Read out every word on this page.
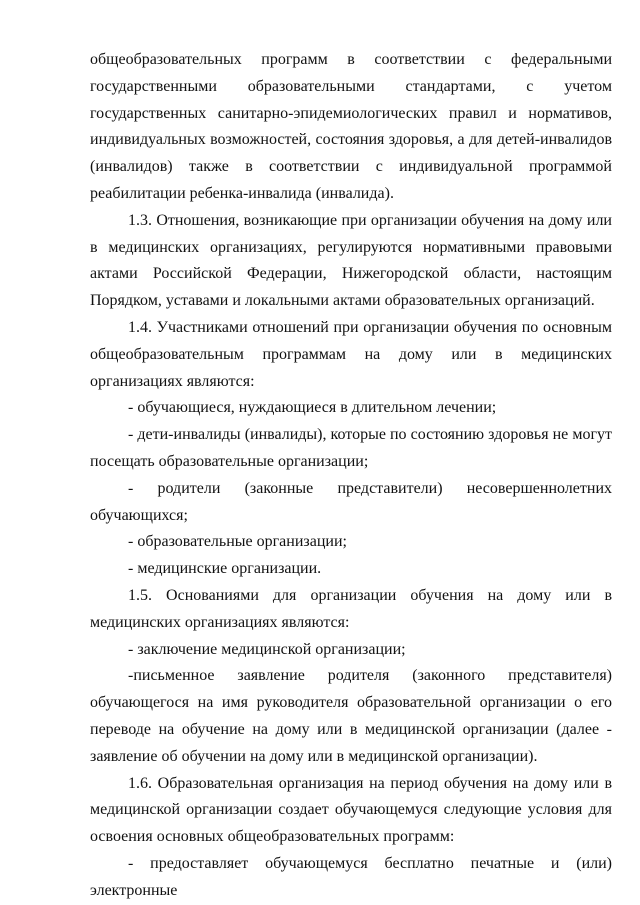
общеобразовательных программ в соответствии с федеральными государственными образовательными стандартами, с учетом государственных санитарно-эпидемиологических правил и нормативов, индивидуальных возможностей, состояния здоровья, а для детей-инвалидов (инвалидов) также в соответствии с индивидуальной программой реабилитации ребенка-инвалида (инвалида).

1.3. Отношения, возникающие при организации обучения на дому или в медицинских организациях, регулируются нормативными правовыми актами Российской Федерации, Нижегородской области, настоящим Порядком, уставами и локальными актами образовательных организаций.

1.4. Участниками отношений при организации обучения по основным общеобразовательным программам на дому или в медицинских организациях являются:

- обучающиеся, нуждающиеся в длительном лечении;

- дети-инвалиды (инвалиды), которые по состоянию здоровья не могут посещать образовательные организации;

- родители (законные представители) несовершеннолетних обучающихся;

- образовательные организации;

- медицинские организации.

1.5. Основаниями для организации обучения на дому или в медицинских организациях являются:

- заключение медицинской организации;

-письменное заявление родителя (законного представителя) обучающегося на имя руководителя образовательной организации о его переводе на обучение на дому или в медицинской организации (далее - заявление об обучении на дому или в медицинской организации).

1.6. Образовательная организация на период обучения на дому или в медицинской организации создает обучающемуся следующие условия для освоения основных общеобразовательных программ:

- предоставляет обучающемуся бесплатно печатные и (или) электронные
